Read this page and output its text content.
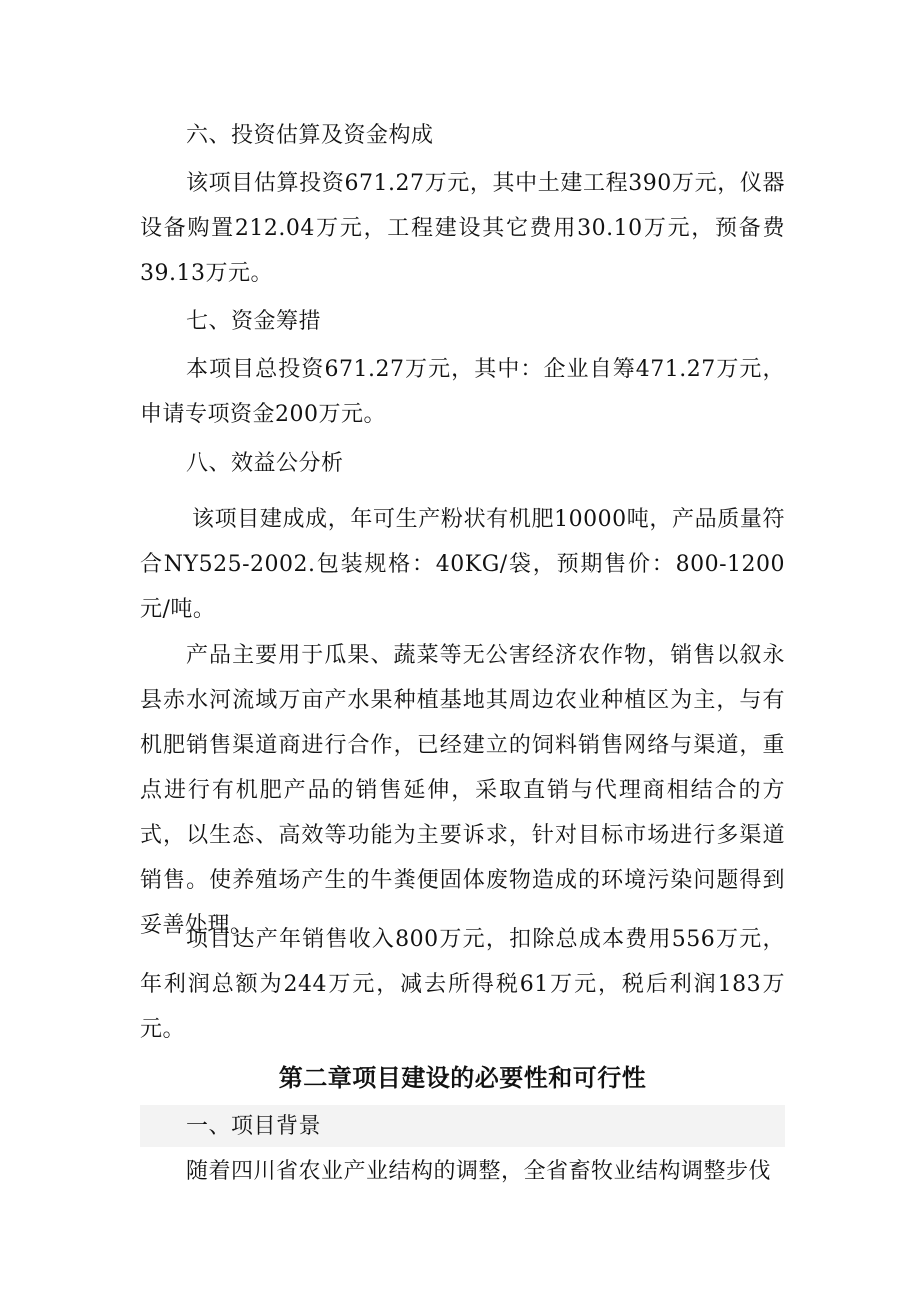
六、投资估算及资金构成

该项目估算投资671.27万元，其中土建工程390万元，仪器设备购置212.04万元，工程建设其它费用30.10万元，预备费39.13万元。

七、资金筹措

本项目总投资671.27万元，其中：企业自筹471.27万元，申请专项资金200万元。

八、效益公分析

该项目建成成，年可生产粉状有机肥10000吨，产品质量符合NY525-2002.包装规格：40KG/袋，预期售价：800-1200元/吨。

产品主要用于瓜果、蔬菜等无公害经济农作物，销售以叙永县赤水河流域万亩产水果种植基地其周边农业种植区为主，与有机肥销售渠道商进行合作，已经建立的饲料销售网络与渠道，重点进行有机肥产品的销售延伸，采取直销与代理商相结合的方式，以生态、高效等功能为主要诉求，针对目标市场进行多渠道销售。使养殖场产生的牛粪便固体废物造成的环境污染问题得到妥善处理。

项目达产年销售收入800万元，扣除总成本费用556万元，年利润总额为244万元，减去所得税61万元，税后利润183万元。

第二章项目建设的必要性和可行性

一、项目背景

随着四川省农业产业结构的调整，全省畜牧业结构调整步伐
